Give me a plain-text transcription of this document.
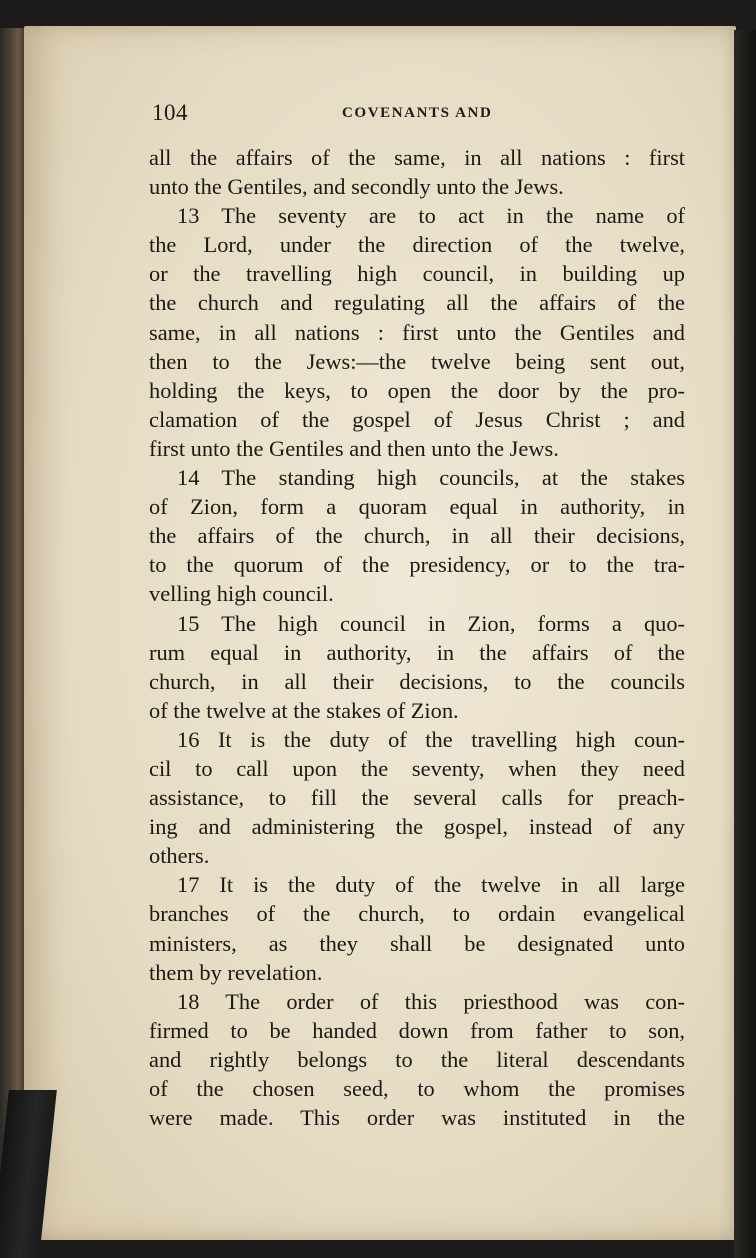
104	COVENANTS AND
all the affairs of the same, in all nations : first
unto the Gentiles, and secondly unto the Jews.
13 The seventy are to act in the name of
the Lord, under the direction of the twelve,
or the travelling high council, in building up
the church and regulating all the affairs of the
same, in all nations : first unto the Gentiles and
then to the Jews:—the twelve being sent out,
holding the keys, to open the door by the pro-
clamation of the gospel of Jesus Christ ; and
first unto the Gentiles and then unto the Jews.
14 The standing high councils, at the stakes
of Zion, form a quoram equal in authority, in
the affairs of the church, in all their decisions,
to the quorum of the presidency, or to the tra-
velling high council.
15 The high council in Zion, forms a quo-
rum equal in authority, in the affairs of the
church, in all their decisions, to the councils
of the twelve at the stakes of Zion.
16 It is the duty of the travelling high coun-
cil to call upon the seventy, when they need
assistance, to fill the several calls for preach-
ing and administering the gospel, instead of any
others.
17 It is the duty of the twelve in all large
branches of the church, to ordain evangelical
ministers, as they shall be designated unto
them by revelation.
18 The order of this priesthood was con-
firmed to be handed down from father to son,
and rightly belongs to the literal descendants
of the chosen seed, to whom the promises
were made. This order was instituted in the
